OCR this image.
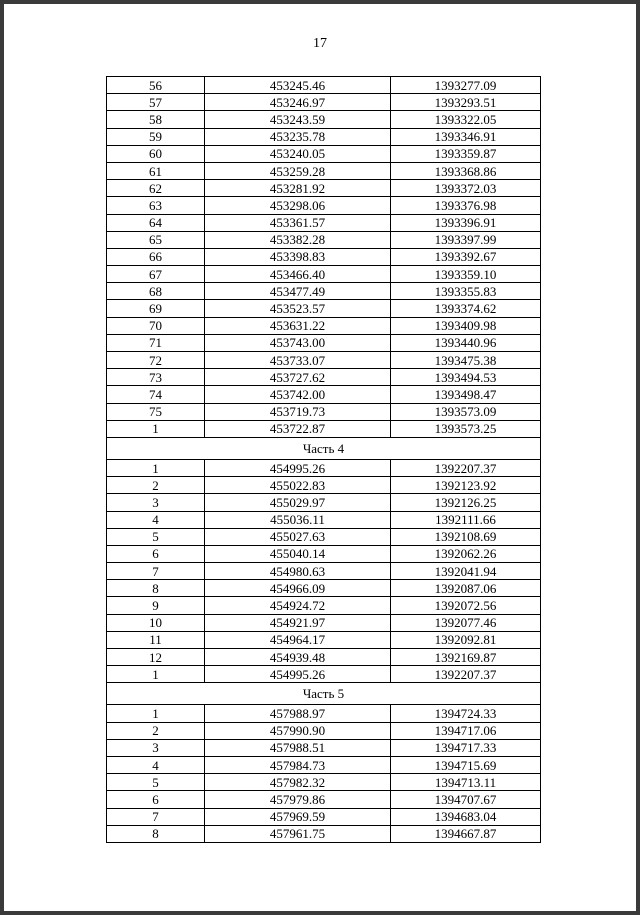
17
56	453245.46	1393277.09
57	453246.97	1393293.51
58	453243.59	1393322.05
59	453235.78	1393346.91
60	453240.05	1393359.87
61	453259.28	1393368.86
62	453281.92	1393372.03
63	453298.06	1393376.98
64	453361.57	1393396.91
65	453382.28	1393397.99
66	453398.83	1393392.67
67	453466.40	1393359.10
68	453477.49	1393355.83
69	453523.57	1393374.62
70	453631.22	1393409.98
71	453743.00	1393440.96
72	453733.07	1393475.38
73	453727.62	1393494.53
74	453742.00	1393498.47
75	453719.73	1393573.09
1	453722.87	1393573.25
Часть 4		
1	454995.26	1392207.37
2	455022.83	1392123.92
3	455029.97	1392126.25
4	455036.11	1392111.66
5	455027.63	1392108.69
6	455040.14	1392062.26
7	454980.63	1392041.94
8	454966.09	1392087.06
9	454924.72	1392072.56
10	454921.97	1392077.46
11	454964.17	1392092.81
12	454939.48	1392169.87
1	454995.26	1392207.37
Часть 5		
1	457988.97	1394724.33
2	457990.90	1394717.06
3	457988.51	1394717.33
4	457984.73	1394715.69
5	457982.32	1394713.11
6	457979.86	1394707.67
7	457969.59	1394683.04
8	457961.75	1394667.87
